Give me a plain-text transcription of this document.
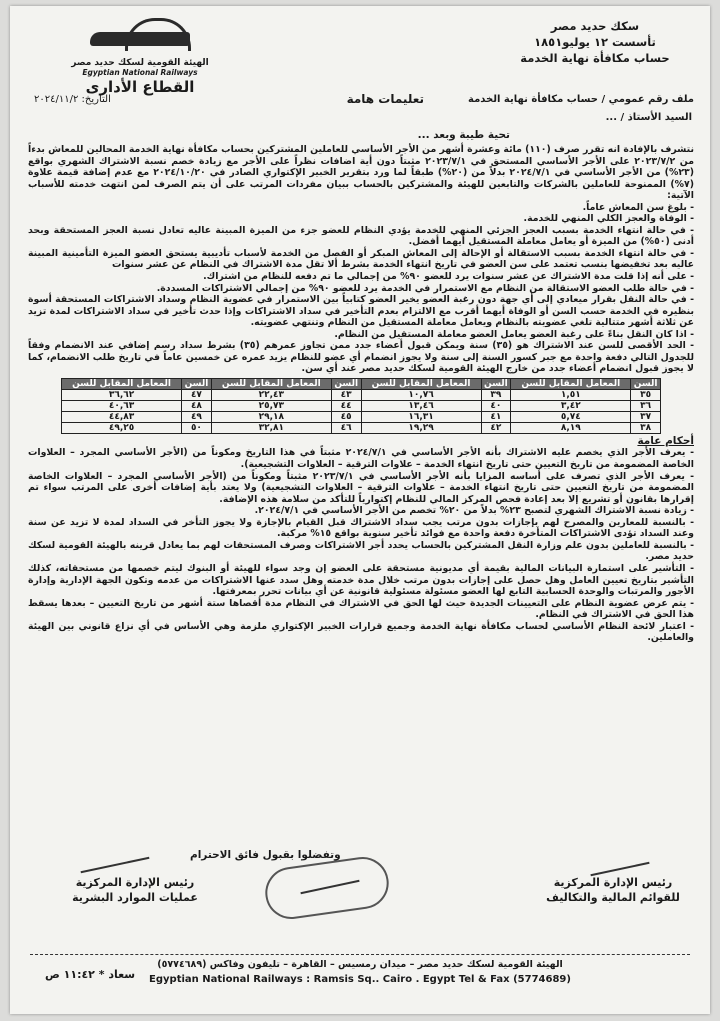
سكك حديد مصر
تأسست ١٢ يوليو١٨٥١
حساب مكافأة نهاية الخدمة
الهيئة القومية لسكك حديد مصر
Egyptian National Railways
القطاع الأدارى
ملف رقم عمومي / حساب مكافأة نهاية الخدمة
تعليمات هامة
التاريخ: ٢٠٢٤/١١/٢
السيد الأستاذ / ...
تحية طيبة وبعد ...

نتشرف بالإفادة انه تقرر صرف (١١٠) مائة وعشرة أشهر من الأجر الأساسي للعاملين المشتركين بحساب مكافأة نهاية الخدمة المحالين للمعاش بدءاً من ٢٠٢٣/٧/٢ على الأجر الأساسي المستحق في ٢٠٢٣/٧/١ مثبتاً دون أية اضافات نظراً على الأجر مع زيادة خصم نسبة الاشتراك الشهري بواقع (٢٣%) من الأجر الأساسي في ٢٠٢٤/٧/١ بدلاً من (٢٠%) طبقاً لما ورد بتقرير الخبير الإكتواري الصادر في ٢٠٢٤/١٠/٢٠ مع عدم إضافة قيمة علاوة (٧%) الممنوحة للعاملين بالشركات والتابعين للهيئة والمشتركين بالحساب ببيان مفردات المرتب على أن يتم الصرف لمن انتهت خدمته للأسباب الآتية:

- بلوغ سن المعاش عاماً.

- الوفاة والعجز الكلي المنهي للخدمة.

- في حالة انتهاء الخدمة بسبب العجز الجزئي المنهي للخدمة يؤدي النظام للعضو جزء من الميزة المبينة عاليه تعادل نسبة العجز المستحقة وبحد أدنى (٥٠%) من الميزة أو يعامل معاملة المستقيل أيهما أفضل.

- في حالة انتهاء الخدمة بسبب الاستقالة أو الإحالة إلى المعاش المبكر أو الفصل من الخدمة لأسباب تأديبية يستحق العضو الميزة التأمينية المبينة عاليه بعد تخفيضها بنسب تعتمد على سن العضو في تاريخ انتهاء الخدمة بشرط ألا تقل مدة الاشتراك في النظام عن عشر سنوات

- على أنه إذا قلت مدة الاشتراك عن عشر سنوات يرد للعضو ٩٠% من إجمالي ما تم دفعه للنظام من اشتراك.

- في حالة طلب العضو الاستقالة من النظام مع الاستمرار في الخدمة يرد للعضو ٩٠% من إجمالي الاشتراكات المسددة.

- في حالة النقل بقرار ميعادي إلى أي جهة دون رغبة العضو يخير العضو كتابياً بين الاستمرار في عضوية النظام وسداد الاشتراكات المستحقة أسوة بنظيره في الخدمة حسب السن أو الوفاة أيهما أقرب مع الالتزام بعدم التأخير في سداد الاشتراكات وإذا حدث تأخير في سداد الاشتراكات لمدة تزيد عن ثلاثة أشهر متتالية تلغي عضويته بالنظام ويعامل معاملة المستقيل من النظام وتنتهي عضويته.

- اذا كان النقل بناءً على رغبة العضو يعامل العضو معاملة المستقيل من النظام.

- الحد الأقصى للسن عند الاشتراك هو (٣٥) سنة ويمكن قبول أعضاء جدد ممن تجاوز عمرهم (٣٥) بشرط سداد رسم إضافي عند الانضمام وفقاً للجدول التالي دفعة واحدة مع جبر كسور السنة إلى سنة ولا يجوز انضمام أي عضو للنظام يزيد عمره عن خمسين عاماً في تاريخ طلب الانضمام، كما لا يجوز قبول انضمام أعضاء جدد من خارج الهيئة القومية لسكك حديد مصر عند أي سن.

السن	المعامل المقابل للسن	السن	المعامل المقابل للسن	السن	المعامل المقابل للسن	السن	المعامل المقابل للسن
٣٥	١,٥١	٣٩	١٠,٧٦	٤٣	٢٢,٤٣	٤٧	٣٦,٦٢
٣٦	٣,٤٢	٤٠	١٣,٤٦	٤٤	٢٥,٧٣	٤٨	٤٠,٦٣
٣٧	٥,٧٤	٤١	١٦,٣١	٤٥	٢٩,١٨	٤٩	٤٤,٨٣
٣٨	٨,١٩	٤٢	١٩,٢٩	٤٦	٣٢,٨١	٥٠	٤٩,٢٥
أحكام عامة

- يعرف الأجر الذي يخصم عليه الاشتراك بأنه الأجر الأساسي في ٢٠٢٤/٧/١ مثبتاً في هذا التاريخ ومكوناً من (الأجر الأساسي المجرد – العلاوات الخاصة المضمومة من تاريخ التعيين حتى تاريخ انتهاء الخدمة – علاوات الترقية – العلاوات التشجيعية).

- يعرف الأجر الذي تصرف على أساسه المزايا بأنه الأجر الأساسي في ٢٠٢٣/٧/١ مثبتاً ومكوناً من (الأجر الأساسي المجرد – العلاوات الخاصة المضمومة من تاريخ التعيين حتى تاريخ انتهاء الخدمة – علاوات الترقية – العلاوات التشجيعية) ولا يعتد بأية إضافات أخرى على المرتب سواء تم إقرارها بقانون أو تشريع إلا بعد إعادة فحص المركز المالي للنظام إكتوارياً للتأكد من سلامة هذه الإضافة.

- زيادة نسبة الاشتراك الشهري لتصبح ٢٣% بدلاً من ٢٠% تخصم من الأجر الأساسي في ٢٠٢٤/٧/١.

- بالنسبة للمعارين والمصرح لهم بإجازات بدون مرتب يجب سداد الاشتراك قبل القيام بالإجازة ولا يجوز التأخر في السداد لمدة لا تزيد عن سنة وعند السداد تؤدى الاشتراكات المتأخرة دفعة واحدة مع فوائد تأخير سنوية بواقع ١٥% مركبة.

- بالنسبة للعاملين بدون علم وزارة النقل المشتركين بالحساب يحدد أجر الاشتراكات وصرف المستحقات لهم بما يعادل قرينه بالهيئة القومية لسكك حديد مصر.

- التأشير على استمارة البيانات المالية بقيمة أي مديونية مستحقة على العضو إن وجد سواء للهيئة أو البنوك ليتم خصمها من مستحقاته، كذلك التأشير بتاريخ تعيين العامل وهل حصل على إجازات بدون مرتب خلال مدة خدمته وهل سدد عنها الاشتراكات من عدمه وتكون الجهة الإدارية وإدارة الأجور والمرتبات والوحدة الحسابية التابع لها العضو مسئولة مسئولية قانونية عن أي بيانات تحرر بمعرفتها.

- يتم عرض عضوية النظام على التعيينات الجديدة حيث لها الحق في الاشتراك في النظام مدة أقصاها ستة أشهر من تاريخ التعيين – بعدها يسقط هذا الحق في الاشتراك في النظام.

- اعتبار لائحة النظام الأساسي لحساب مكافأة نهاية الخدمة وجميع قرارات الخبير الإكتواري ملزمة وهي الأساس في أي نزاع قانوني بين الهيئة والعاملين.

وتفضلوا بقبول فائق الاحترام
رئيس الإدارة المركزية
للقوائم المالية والتكاليف
رئيس الإدارة المركزية
عمليات الموارد البشرية
الهيئة القومية لسكك حديد مصر – ميدان رمسيس – القاهرة – تليفون وفاكس (٥٧٧٤٦٨٩)
Egyptian National Railways : Ramsis Sq.. Cairo . Egypt Tel & Fax (5774689)
سعاد * ١١:٤٢ ص
